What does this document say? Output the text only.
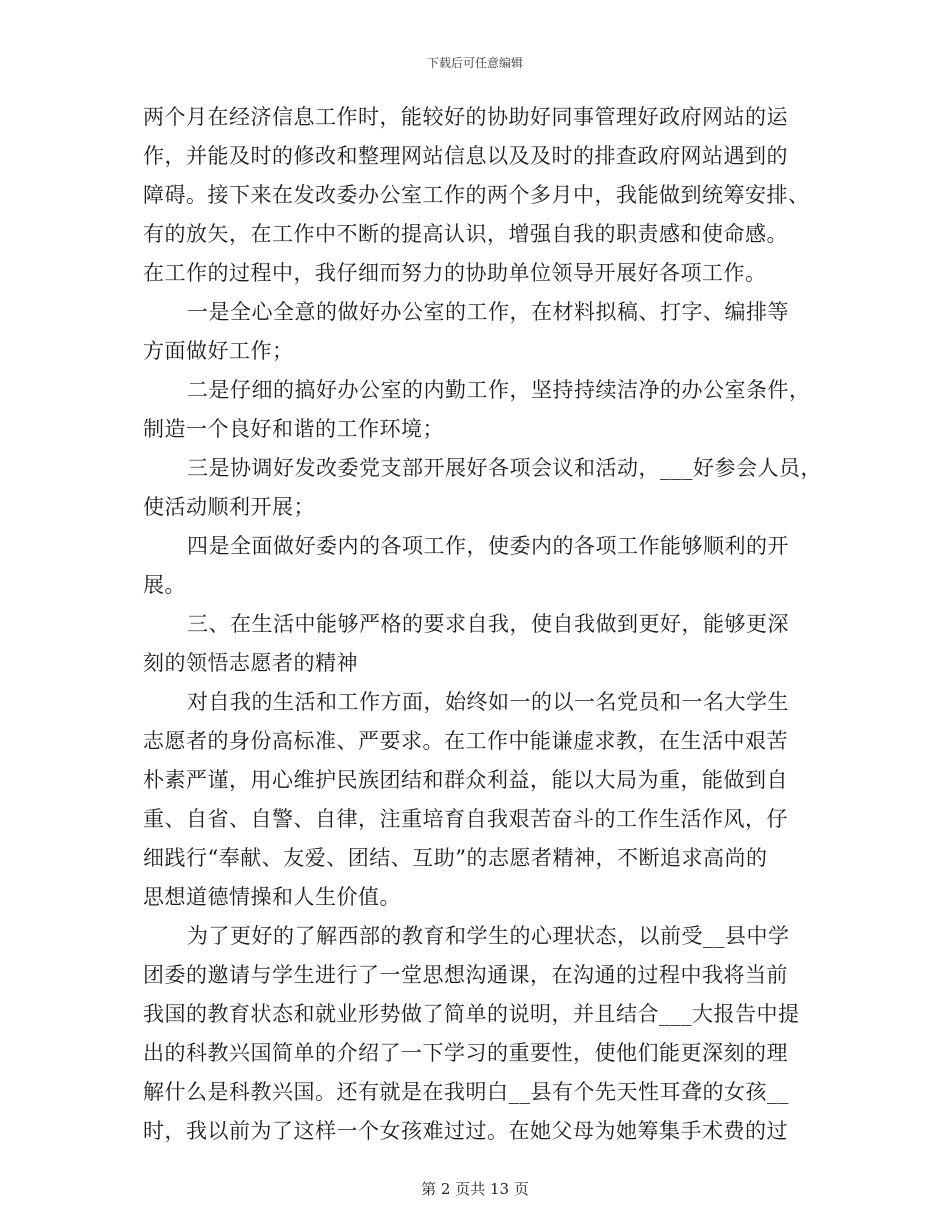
下载后可任意编辑
两个月在经济信息工作时，能较好的协助好同事管理好政府网站的运
作，并能及时的修改和整理网站信息以及及时的排查政府网站遇到的
障碍。接下来在发改委办公室工作的两个多月中，我能做到统筹安排、
有的放矢，在工作中不断的提高认识，增强自我的职责感和使命感。
在工作的过程中，我仔细而努力的协助单位领导开展好各项工作。
一是全心全意的做好办公室的工作，在材料拟稿、打字、编排等
方面做好工作；
二是仔细的搞好办公室的内勤工作，坚持持续洁净的办公室条件，
制造一个良好和谐的工作环境；
三是协调好发改委党支部开展好各项会议和活动，___好参会人员，
使活动顺利开展；
四是全面做好委内的各项工作，使委内的各项工作能够顺利的开
展。
三、在生活中能够严格的要求自我，使自我做到更好，能够更深
刻的领悟志愿者的精神
对自我的生活和工作方面，始终如一的以一名党员和一名大学生
志愿者的身份高标准、严要求。在工作中能谦虚求教，在生活中艰苦
朴素严谨，用心维护民族团结和群众利益，能以大局为重，能做到自
重、自省、自警、自律，注重培育自我艰苦奋斗的工作生活作风，仔
细践行“奉献、友爱、团结、互助”的志愿者精神，不断追求高尚的
思想道德情操和人生价值。
为了更好的了解西部的教育和学生的心理状态，以前受__县中学
团委的邀请与学生进行了一堂思想沟通课，在沟通的过程中我将当前
我国的教育状态和就业形势做了简单的说明，并且结合___大报告中提
出的科教兴国简单的介绍了一下学习的重要性，使他们能更深刻的理
解什么是科教兴国。还有就是在我明白__县有个先天性耳聋的女孩__
时，我以前为了这样一个女孩难过过。在她父母为她筹集手术费的过
第 2 页共 13 页
